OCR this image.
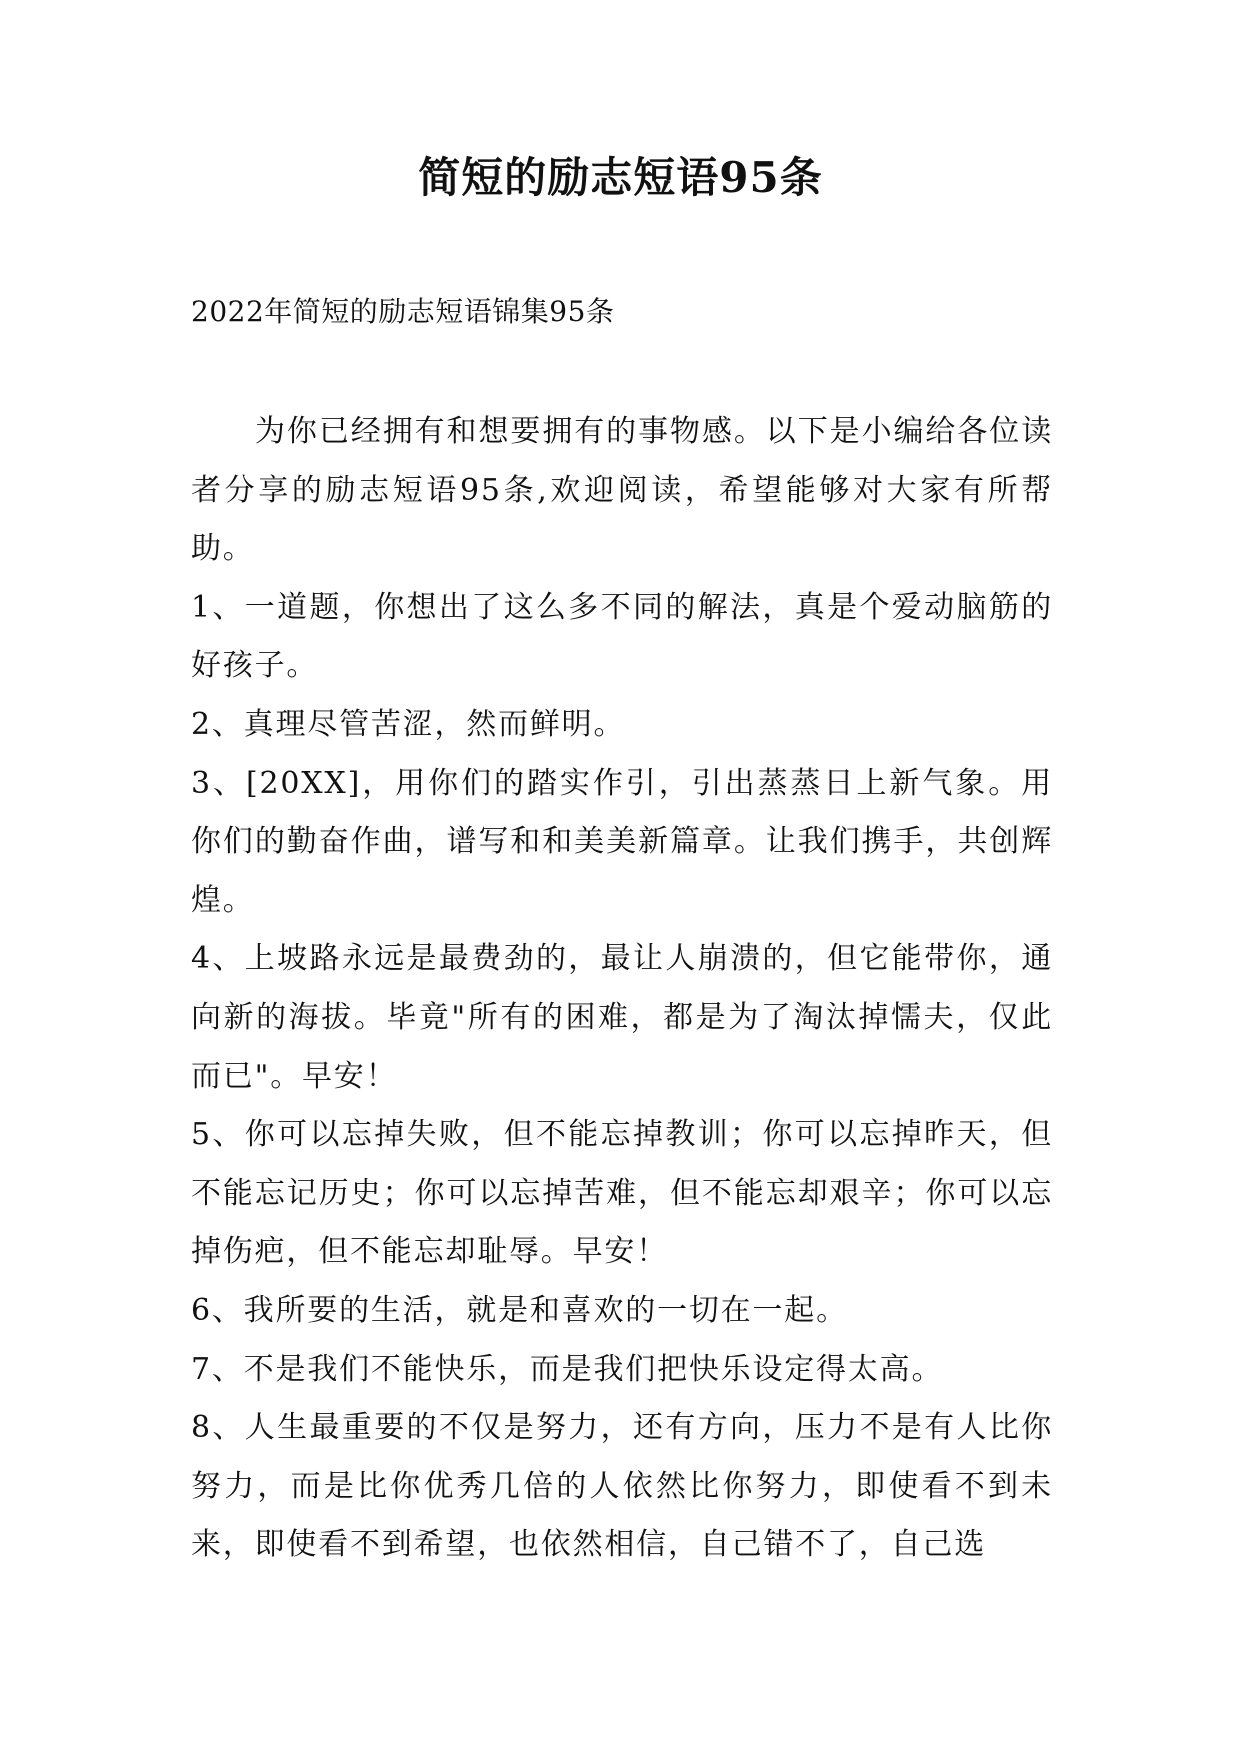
简短的励志短语95条

2022年简短的励志短语锦集95条

为你已经拥有和想要拥有的事物感。以下是小编给各位读者分享的励志短语95条,欢迎阅读，希望能够对大家有所帮助。

1、一道题，你想出了这么多不同的解法，真是个爱动脑筋的好孩子。

2、真理尽管苦涩，然而鲜明。

3、[20XX]，用你们的踏实作引，引出蒸蒸日上新气象。用你们的勤奋作曲，谱写和和美美新篇章。让我们携手，共创辉煌。

4、上坡路永远是最费劲的，最让人崩溃的，但它能带你，通向新的海拔。毕竟"所有的困难，都是为了淘汰掉懦夫，仅此而已"。早安！

5、你可以忘掉失败，但不能忘掉教训；你可以忘掉昨天，但不能忘记历史；你可以忘掉苦难，但不能忘却艰辛；你可以忘掉伤疤，但不能忘却耻辱。早安！

6、我所要的生活，就是和喜欢的一切在一起。

7、不是我们不能快乐，而是我们把快乐设定得太高。

8、人生最重要的不仅是努力，还有方向，压力不是有人比你努力，而是比你优秀几倍的人依然比你努力，即使看不到未来，即使看不到希望，也依然相信，自己错不了，自己选
